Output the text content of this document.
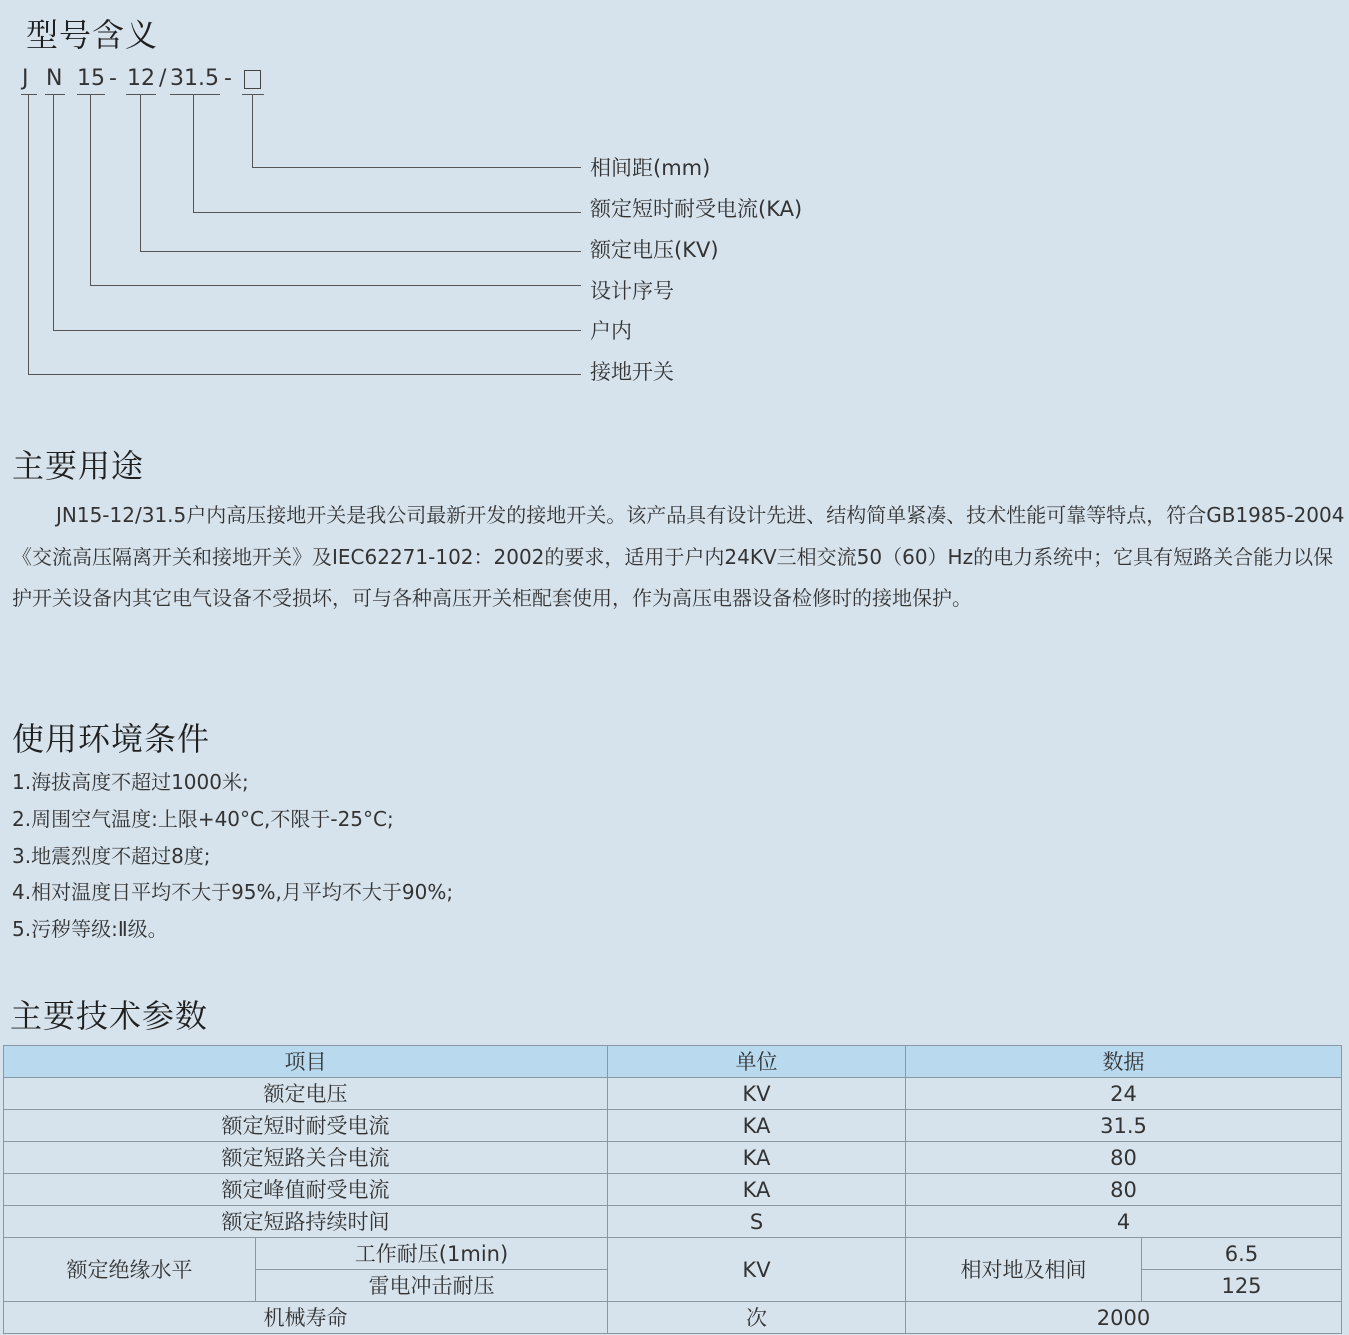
型号含义
J N 15 - 12 / 31.5 -
相间距(mm)
额定短时耐受电流(KA)
额定电压(KV)
设计序号
户内
接地开关
主要用途

JN15-12/31.5户内高压接地开关是我公司最新开发的接地开关。该产品具有设计先进、结构简单紧凑、技术性能可靠等特点，符合GB1985-2004《交流高压隔离开关和接地开关》及IEC62271-102：2002的要求，适用于户内24KV三相交流50（60）Hz的电力系统中；它具有短路关合能力以保护开关设备内其它电气设备不受损坏，可与各种高压开关柜配套使用，作为高压电器设备检修时的接地保护。

使用环境条件
1.海拔高度不超过1000米;
2.周围空气温度:上限+40°C,不限于-25°C;
3.地震烈度不超过8度;
4.相对温度日平均不大于95%,月平均不大于90%;
5.污秽等级:Ⅱ级。
主要技术参数
项目		单位	数据	
额定电压		KV	24	
额定短时耐受电流		KA	31.5	
额定短路关合电流		KA	80	
额定峰值耐受电流		KA	80	
额定短路持续时间		S	4	
额定绝缘水平	工作耐压(1min)	KV	相对地及相间	6.5
	雷电冲击耐压			125
机械寿命		次	2000	
